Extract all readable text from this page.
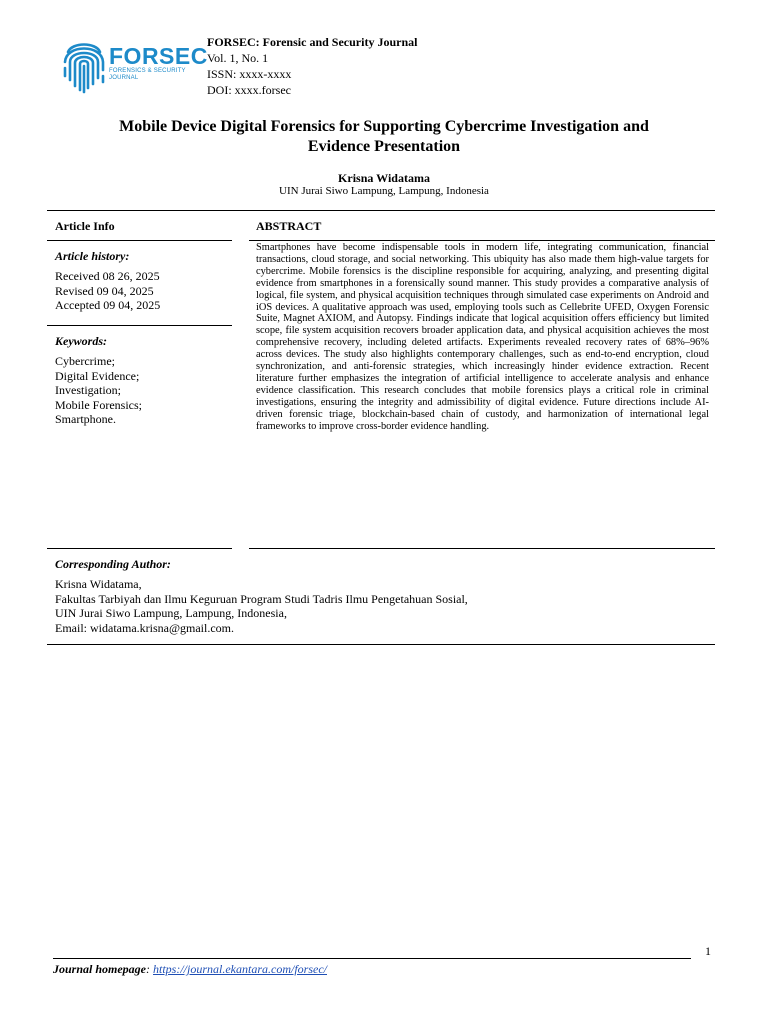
FORSEC
FORENSICS & SECURITY
JOURNAL
FORSEC: Forensic and Security Journal
Vol. 1, No. 1
ISSN: xxxx-xxxx
DOI: xxxx.forsec
Mobile Device Digital Forensics for Supporting Cybercrime Investigation and
Evidence Presentation
Krisna Widatama
UIN Jurai Siwo Lampung, Lampung, Indonesia
Article Info
Article history:
Received 08 26, 2025
Revised 09 04, 2025
Accepted 09 04, 2025
Keywords:
Cybercrime;
Digital Evidence;
Investigation;
Mobile Forensics;
Smartphone.
ABSTRACT
Smartphones have become indispensable tools in modern life, integrating communication, financial transactions, cloud storage, and social networking. This ubiquity has also made them high-value targets for cybercrime. Mobile forensics is the discipline responsible for acquiring, analyzing, and presenting digital evidence from smartphones in a forensically sound manner. This study provides a comparative analysis of logical, file system, and physical acquisition techniques through simulated case experiments on Android and iOS devices. A qualitative approach was used, employing tools such as Cellebrite UFED, Oxygen Forensic Suite, Magnet AXIOM, and Autopsy. Findings indicate that logical acquisition offers efficiency but limited scope, file system acquisition recovers broader application data, and physical acquisition achieves the most comprehensive recovery, including deleted artifacts. Experiments revealed recovery rates of 68%–96% across devices. The study also highlights contemporary challenges, such as end-to-end encryption, cloud synchronization, and anti-forensic strategies, which increasingly hinder evidence extraction. Recent literature further emphasizes the integration of artificial intelligence to accelerate analysis and enhance evidence classification. This research concludes that mobile forensics plays a critical role in criminal investigations, ensuring the integrity and admissibility of digital evidence. Future directions include AI-driven forensic triage, blockchain-based chain of custody, and harmonization of international legal frameworks to improve cross-border evidence handling.
Corresponding Author:
Krisna Widatama,
Fakultas Tarbiyah dan Ilmu Keguruan Program Studi Tadris Ilmu Pengetahuan Sosial,
UIN Jurai Siwo Lampung, Lampung, Indonesia,
Email: widatama.krisna@gmail.com.
1
Journal homepage: https://journal.ekantara.com/forsec/
